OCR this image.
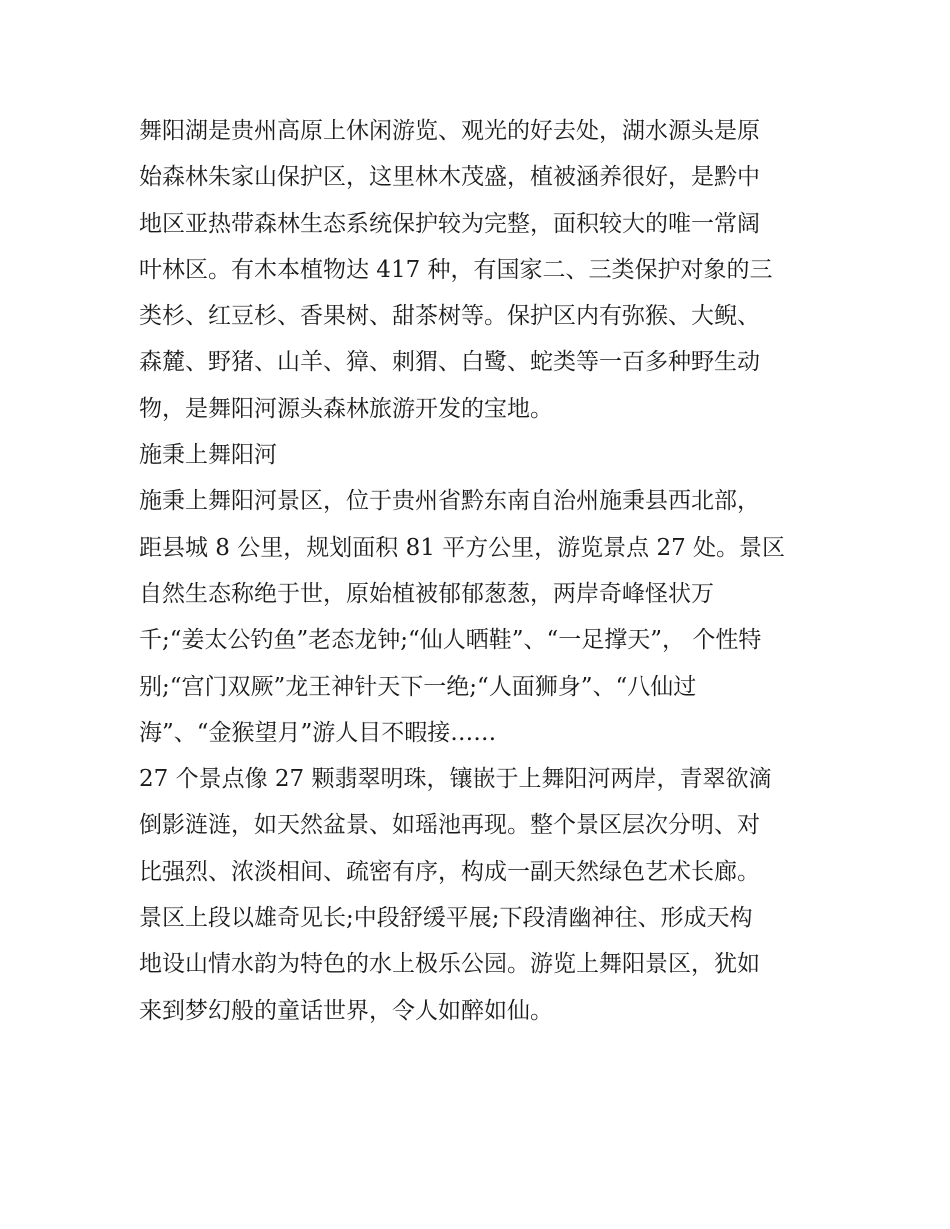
舞阳湖是贵州高原上休闲游览、观光的好去处，湖水源头是原
始森林朱家山保护区，这里林木茂盛，植被涵养很好，是黔中
地区亚热带森林生态系统保护较为完整，面积较大的唯一常阔
叶林区。有木本植物达 417 种，有国家二、三类保护对象的三
类杉、红豆杉、香果树、甜茶树等。保护区内有弥猴、大鲵、
森麓、野猪、山羊、獐、刺猬、白鹭、蛇类等一百多种野生动
物，是舞阳河源头森林旅游开发的宝地。
施秉上舞阳河
施秉上舞阳河景区，位于贵州省黔东南自治州施秉县西北部，
距县城 8 公里，规划面积 81 平方公里，游览景点 27 处。景区
自然生态称绝于世，原始植被郁郁葱葱，两岸奇峰怪状万
千;“姜太公钓鱼”老态龙钟;“仙人晒鞋”、“一足撑天”， 个性特
别;“宫门双厥”龙王神针天下一绝;“人面狮身”、“八仙过
海”、“金猴望月”游人目不暇接……
27 个景点像 27 颗翡翠明珠，镶嵌于上舞阳河两岸，青翠欲滴
倒影涟涟，如天然盆景、如瑶池再现。整个景区层次分明、对
比强烈、浓淡相间、疏密有序，构成一副天然绿色艺术长廊。
景区上段以雄奇见长;中段舒缓平展;下段清幽神往、形成天构
地设山情水韵为特色的水上极乐公园。游览上舞阳景区，犹如
来到梦幻般的童话世界，令人如醉如仙。
